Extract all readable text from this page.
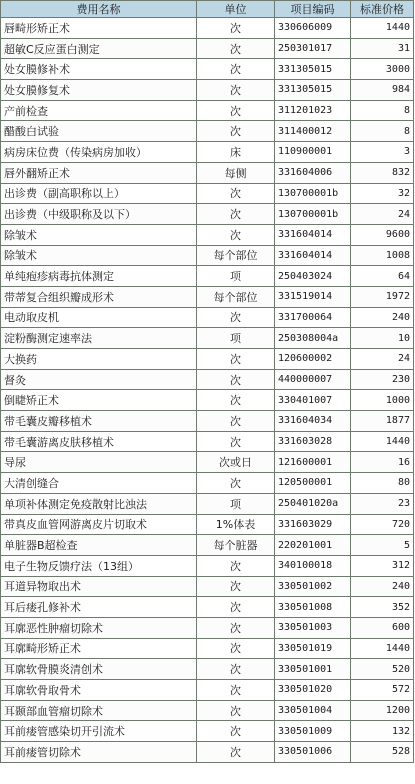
费用名称	单位	项目编码	标准价格
唇畸形矫正术	次	330606009	1440
超敏C反应蛋白测定	次	250301017	31
处女膜修补术	次	331305015	3000
处女膜修复术	次	331305015	984
产前检查	次	311201023	8
醋酸白试验	次	311400012	8
病房床位费（传染病房加收）	床	110900001	3
唇外翻矫正术	每侧	331604006	832
出诊费（副高职称以上）	次	130700001b	32
出诊费（中级职称及以下）	次	130700001b	24
除皱术	次	331604014	9600
除皱术	每个部位	331604014	1008
单纯疱疹病毒抗体测定	项	250403024	64
带蒂复合组织瓣成形术	每个部位	331519014	1972
电动取皮机	次	331700064	240
淀粉酶测定速率法	项	250308004a	10
大换药	次	120600002	24
督灸	次	440000007	230
倒睫矫正术	次	330401007	1000
带毛囊皮瓣移植术	次	331604034	1877
带毛囊游离皮肤移植术	次	331603028	1440
导尿	次或日	121600001	16
大清创缝合	次	120500001	80
单项补体测定免疫散射比浊法	项	250401020a	23
带真皮血管网游离皮片切取术	1%体表	331603029	720
单脏器B超检查	每个脏器	220201001	5
电子生物反馈疗法（13组）	次	340100018	312
耳道异物取出术	次	330501002	240
耳后瘘孔修补术	次	330501008	352
耳廓恶性肿瘤切除术	次	330501003	600
耳廓畸形矫正术	次	330501019	1440
耳廓软骨膜炎清创术	次	330501001	520
耳廓软骨取骨术	次	330501020	572
耳颞部血管瘤切除术	次	330501004	1200
耳前瘘管感染切开引流术	次	330501009	132
耳前瘘管切除术	次	330501006	528
